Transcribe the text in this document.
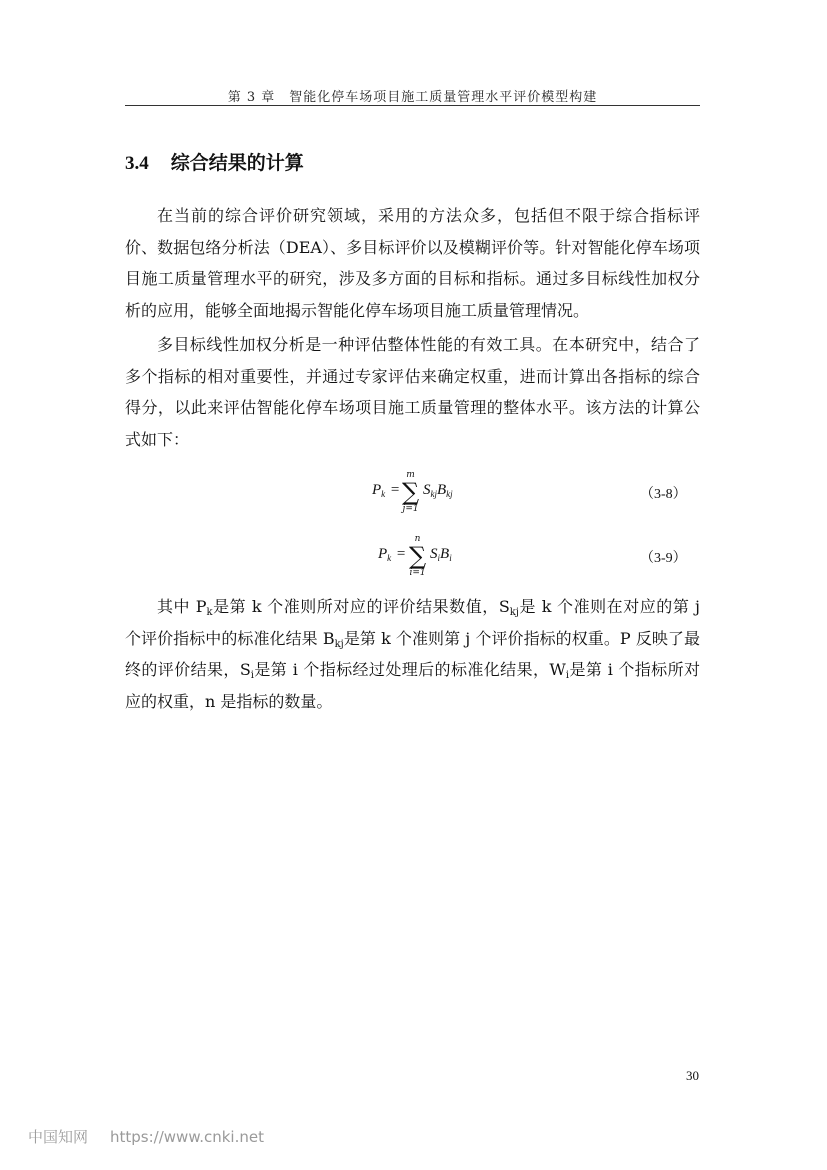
第 3 章　智能化停车场项目施工质量管理水平评价模型构建
3.4 综合结果的计算

在当前的综合评价研究领域，采用的方法众多，包括但不限于综合指标评价、数据包络分析法（DEA）、多目标评价以及模糊评价等。针对智能化停车场项目施工质量管理水平的研究，涉及多方面的目标和指标。通过多目标线性加权分析的应用，能够全面地揭示智能化停车场项目施工质量管理情况。

多目标线性加权分析是一种评估整体性能的有效工具。在本研究中，结合了多个指标的相对重要性，并通过专家评估来确定权重，进而计算出各指标的综合得分，以此来评估智能化停车场项目施工质量管理的整体水平。该方法的计算公式如下：

$P_k$ =
m
∑
j=1
$S_{kj}B_{kj}$	（3-8）
$P_k$ =
n
∑
i=1
$S_iB_i$	（3-9）

其中 $P_k$是第 k 个准则所对应的评价结果数值，$S_{kj}$是 k 个准则在对应的第 j 个评价指标中的标准化结果 $B_{kj}$是第 k 个准则第 j 个评价指标的权重。P 反映了最终的评价结果，$S_i$是第 i 个指标经过处理后的标准化结果，$W_i$是第 i 个指标所对应的权重，n 是指标的数量。

30
中国知网 https://www.cnki.net
